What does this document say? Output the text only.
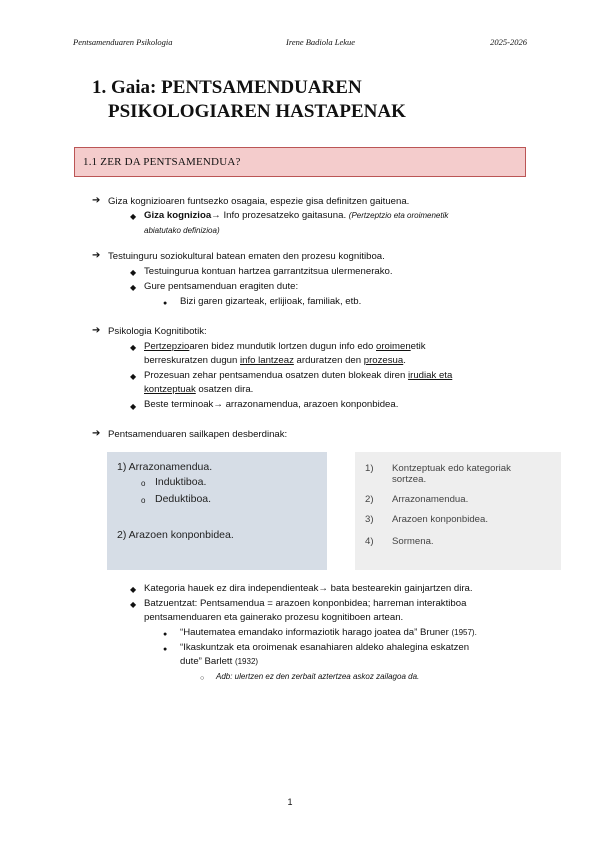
Pentsamenduaren Psikologia	Irene Badiola Lekue	2025-2026
1. Gaia: PENTSAMENDUAREN
PSIKOLOGIAREN HASTAPENAK
1.1 ZER DA PENTSAMENDUA?
➔ Giza kognizioaren funtsezko osagaia, espezie gisa definitzen gaituena.
◆ Giza kognizioa→ Info prozesatzeko gaitasuna. (Pertzeptzio eta oroimenetik
abiatutako definizioa)
➔ Testuinguru soziokultural batean ematen den prozesu kognitiboa.
◆ Testuingurua kontuan hartzea garrantzitsua ulermenerako.
◆ Gure pentsamenduan eragiten dute:
● Bizi garen gizarteak, erlijioak, familiak, etb.
➔ Psikologia Kognitibotik:
◆ Pertzepzioaren bidez mundutik lortzen dugun info edo oroimenetik
berreskuratzen dugun info lantzeaz arduratzen den prozesua.
◆ Prozesuan zehar pentsamendua osatzen duten blokeak diren irudiak eta
kontzeptuak osatzen dira.
◆ Beste terminoak→ arrazonamendua, arazoen konponbidea.
➔ Pentsamenduaren sailkapen desberdinak:
1) Arrazonamendua.
o Induktiboa.
o Deduktiboa.
2) Arazoen konponbidea.
1) Kontzeptuak edo kategoriak
sortzea.
2) Arrazonamendua.
3) Arazoen konponbidea.
4) Sormena.
◆ Kategoria hauek ez dira independienteak→ bata bestearekin gainjartzen dira.
◆ Batzuentzat: Pentsamendua = arazoen konponbidea; harreman interaktiboa
pentsamenduaren eta gainerako prozesu kognitiboen artean.
● “Hautematea emandako informaziotik harago joatea da” Bruner (1957).
● “Ikaskuntzak eta oroimenak esanahiaren aldeko ahalegina eskatzen
dute” Barlett (1932)
○ Adb: ulertzen ez den zerbait aztertzea askoz zailagoa da.
1
